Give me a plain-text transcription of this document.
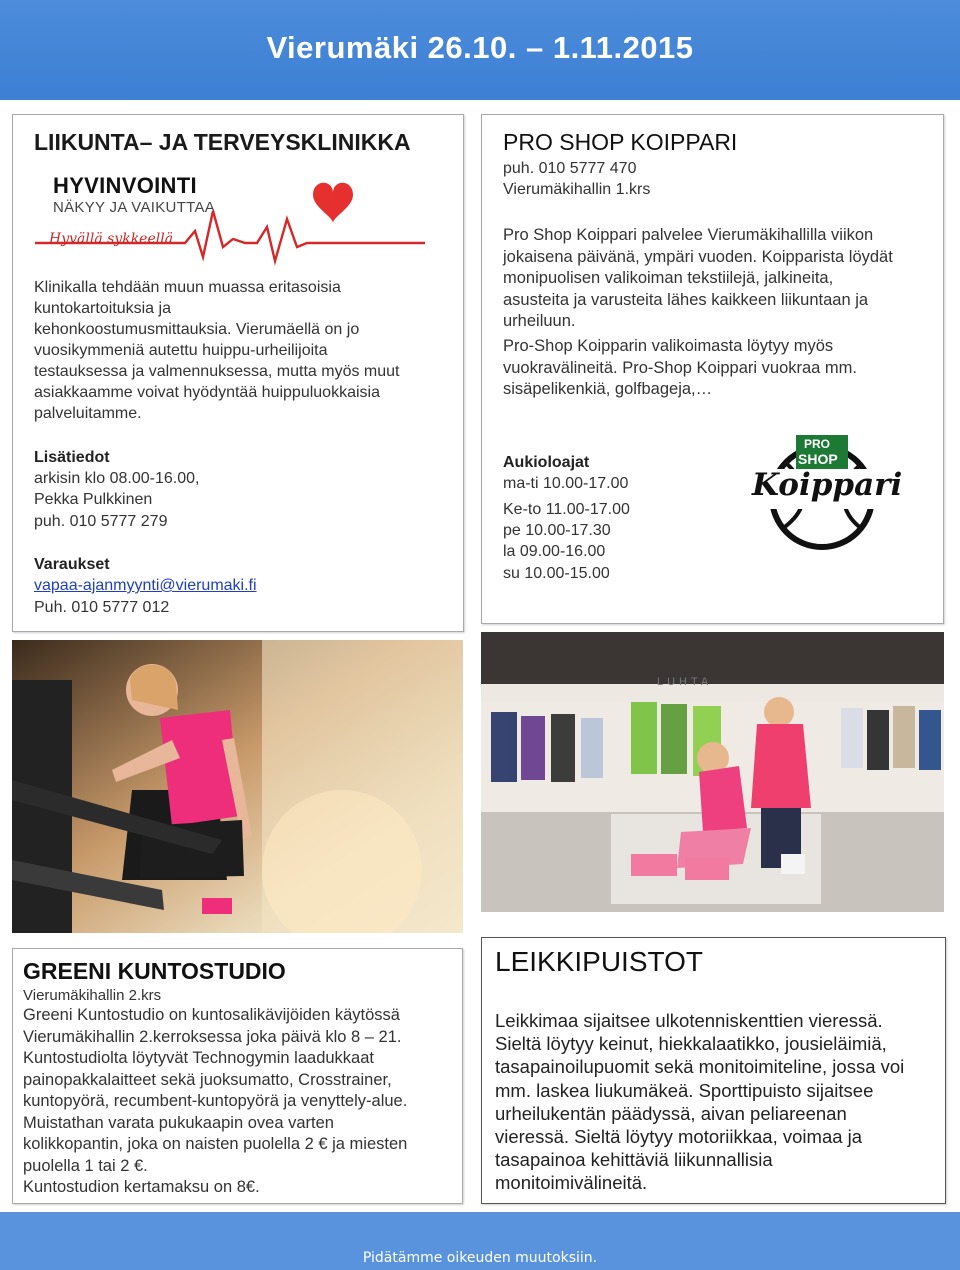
Vierumäki 26.10. – 1.11.2015
LIIKUNTA– JA TERVEYSKLINIKKA
HYVINVOINTI
NÄKYY JA VAIKUTTAA
Hyvällä sykkeellä
Klinikalla tehdään muun muassa eritasoisia
kuntokartoituksia ja
kehonkoostumusmittauksia. Vierumäellä on jo
vuosikymmeniä autettu huippu-urheilijoita
testauksessa ja valmennuksessa, mutta myös muut
asiakkaamme voivat hyödyntää huippuluokkaisia
palveluitamme.
Lisätiedot
arkisin klo 08.00-16.00,
Pekka Pulkkinen
puh. 010 5777 279
Varaukset
vapaa-ajanmyynti@vierumaki.fi
Puh. 010 5777 012
PRO SHOP KOIPPARI
puh. 010 5777 470
Vierumäkihallin 1.krs
Pro Shop Koippari palvelee Vierumäkihallilla viikon
jokaisena päivänä, ympäri vuoden. Koipparista löydät
monipuolisen valikoiman tekstiilejä, jalkineita,
asusteita ja varusteita lähes kaikkeen liikuntaan ja
urheiluun.
Pro-Shop Koipparin valikoimasta löytyy myös
vuokravälineitä. Pro-Shop Koippari vuokraa mm.
sisäpelikenkiä, golfbageja,…
Aukioloajat
ma-ti 10.00-17.00
Ke-to 11.00-17.00
pe 10.00-17.30
la 09.00-16.00
su 10.00-15.00
PRO
SHOP
Koippari
LUHTA
GREENI KUNTOSTUDIO
Vierumäkihallin 2.krs
Greeni Kuntostudio on kuntosalikävijöiden käytössä
Vierumäkihallin 2.kerroksessa joka päivä klo 8 – 21.
Kuntostudiolta löytyvät Technogymin laadukkaat
painopakkalaitteet sekä juoksumatto, Crosstrainer,
kuntopyörä, recumbent-kuntopyörä ja venyttely-alue.
Muistathan varata pukukaapin ovea varten
kolikkopantin, joka on naisten puolella 2 € ja miesten
puolella 1 tai 2 €.
Kuntostudion kertamaksu on 8€.
LEIKKIPUISTOT
Leikkimaa sijaitsee ulkotenniskenttien vieressä.
Sieltä löytyy keinut, hiekkalaatikko, jousieläimiä,
tasapainoilupuomit sekä monitoimiteline, jossa voi
mm. laskea liukumäkeä. Sporttipuisto sijaitsee
urheilukentän päädyssä, aivan peliareenan
vieressä. Sieltä löytyy motoriikkaa, voimaa ja
tasapainoa kehittäviä liikunnallisia
monitoimivälineitä.
Pidätämme oikeuden muutoksiin.
